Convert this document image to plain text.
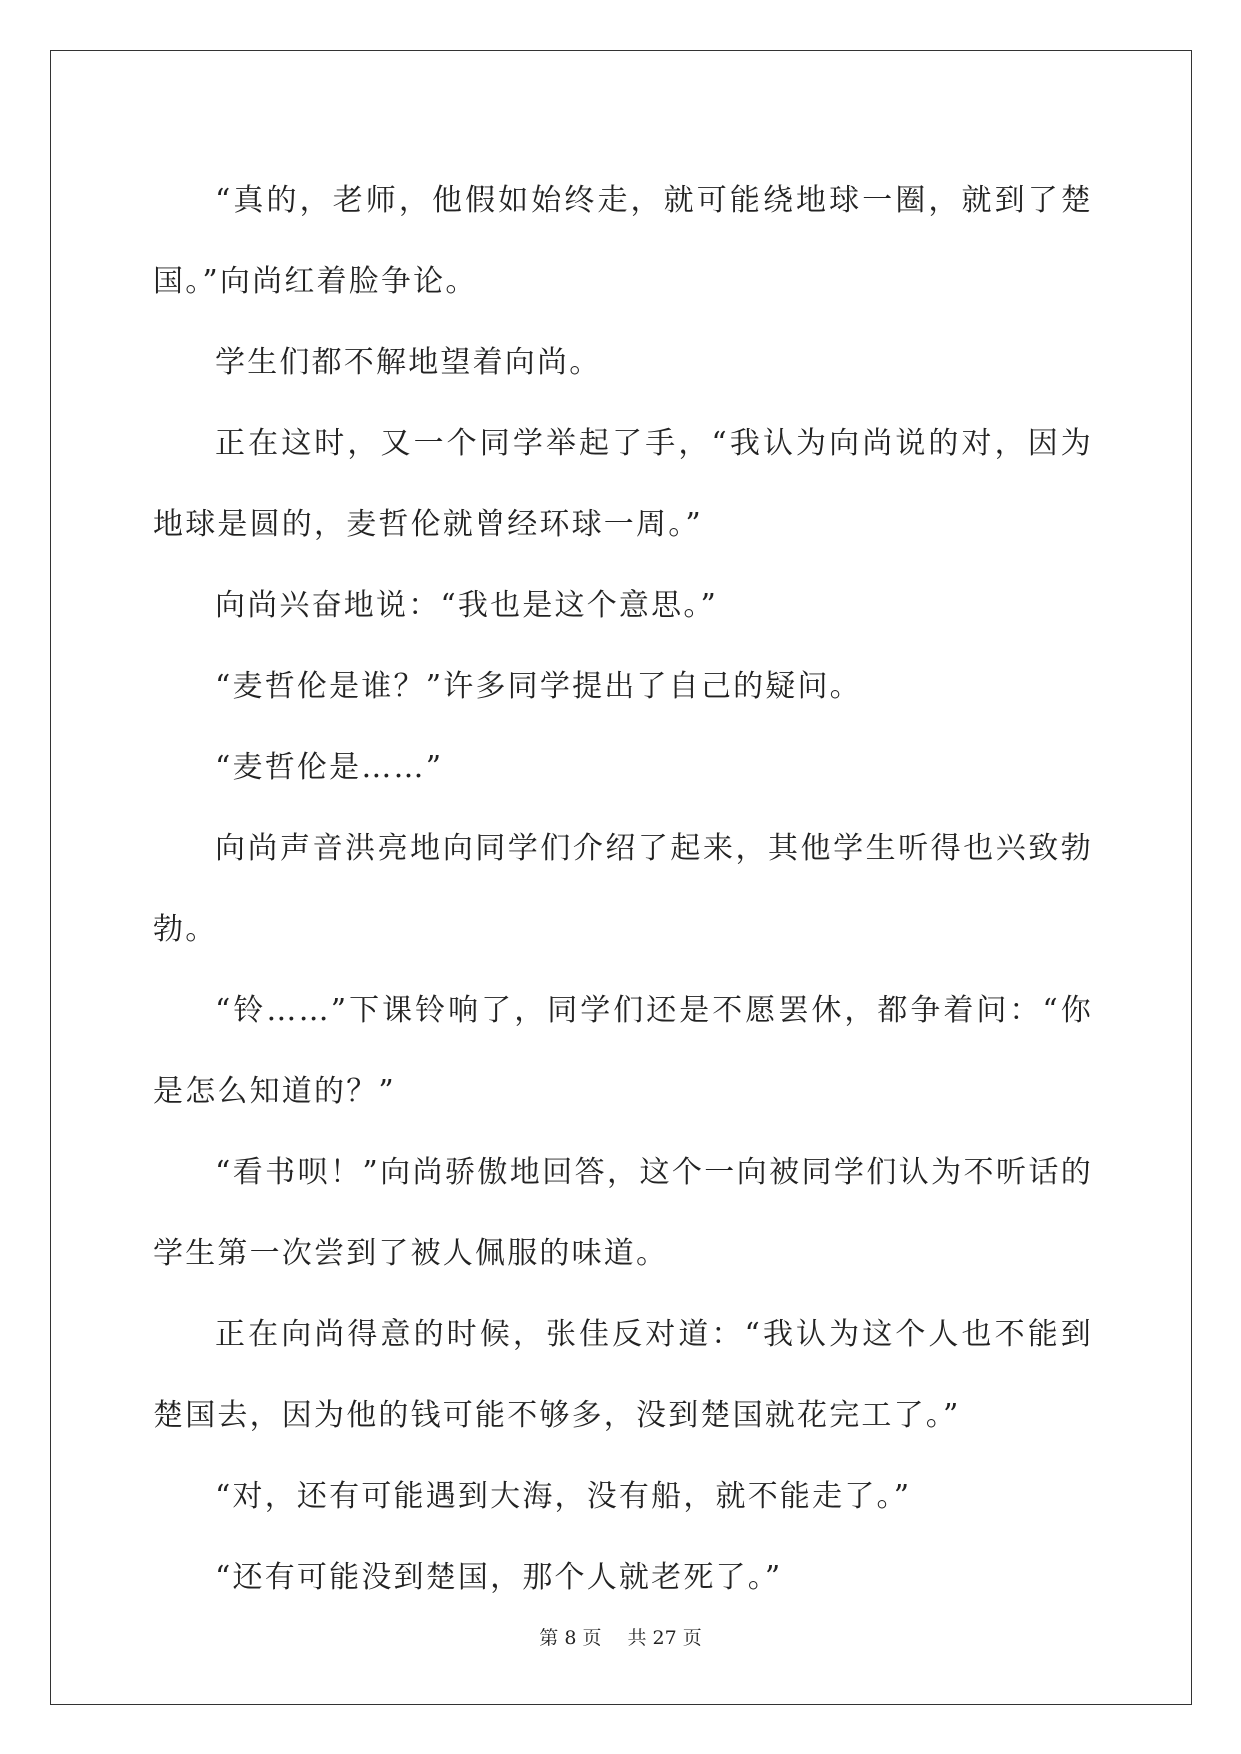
“真的，老师，他假如始终走，就可能绕地球一圈，就到了楚国。”向尚红着脸争论。

学生们都不解地望着向尚。

正在这时，又一个同学举起了手，“我认为向尚说的对，因为地球是圆的，麦哲伦就曾经环球一周。”

向尚兴奋地说：“我也是这个意思。”

“麦哲伦是谁？”许多同学提出了自己的疑问。

“麦哲伦是……”

向尚声音洪亮地向同学们介绍了起来，其他学生听得也兴致勃勃。

“铃……”下课铃响了，同学们还是不愿罢休，都争着问：“你是怎么知道的？”

“看书呗！”向尚骄傲地回答，这个一向被同学们认为不听话的学生第一次尝到了被人佩服的味道。

正在向尚得意的时候，张佳反对道：“我认为这个人也不能到楚国去，因为他的钱可能不够多，没到楚国就花完工了。”

“对，还有可能遇到大海，没有船，就不能走了。”

“还有可能没到楚国，那个人就老死了。”

第 8 页 共 27 页
